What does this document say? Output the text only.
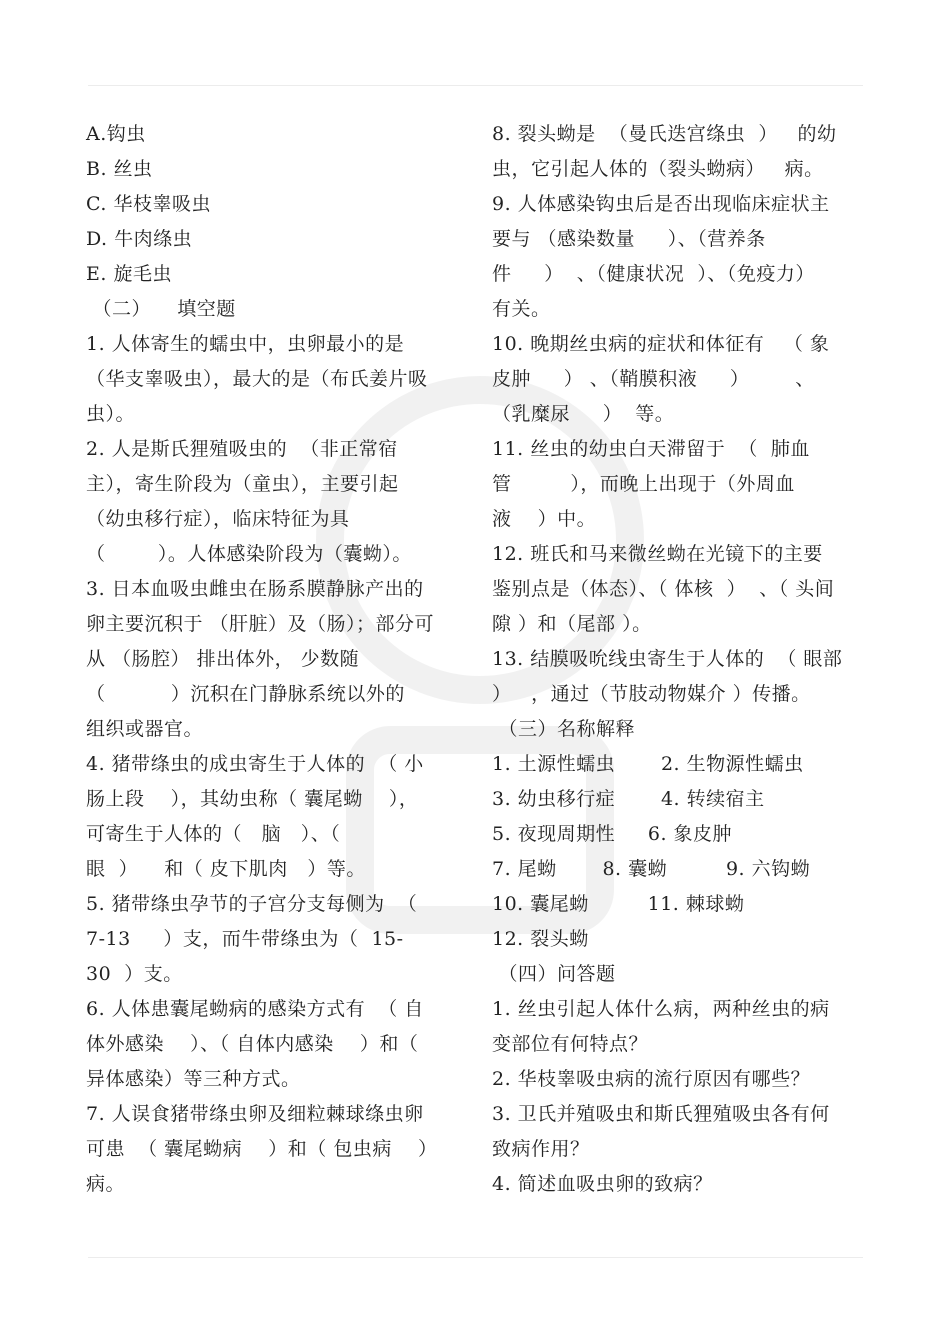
A.钩虫
B. 丝虫
C. 华枝睾吸虫
D. 牛肉绦虫
E. 旋毛虫
（二）    填空题
1. 人体寄生的蠕虫中，虫卵最小的是
（华支睾吸虫），最大的是（布氏姜片吸
虫）。
2. 人是斯氏狸殖吸虫的  （非正常宿
主），寄生阶段为（童虫），主要引起
（幼虫移行症），临床特征为具
（        ）。人体感染阶段为（囊蚴）。
3. 日本血吸虫雌虫在肠系膜静脉产出的
卵主要沉积于 （肝脏）及（肠）；部分可
从 （肠腔） 排出体外， 少数随
（          ）沉积在门静脉系统以外的
组织或器官。
4. 猪带绦虫的成虫寄生于人体的  （ 小
肠上段    ），其幼虫称（ 囊尾蚴    ），
可寄生于人体的（   脑   ）、（
眼  ）    和（ 皮下肌肉   ）等。
5. 猪带绦虫孕节的子宫分支每侧为  （
7-13     ）支，而牛带绦虫为（  15-
30  ）支。
6. 人体患囊尾蚴病的感染方式有  （ 自
体外感染    ）、（ 自体内感染    ）和（
异体感染）等三种方式。
7. 人误食猪带绦虫卵及细粒棘球绦虫卵
可患  （ 囊尾蚴病    ）和（ 包虫病    ）
病。
8. 裂头蚴是  （曼氏迭宫绦虫  ）   的幼
虫，它引起人体的（裂头蚴病）   病。
9. 人体感染钩虫后是否出现临床症状主
要与 （感染数量     ）、（营养条
件     ）  、（健康状况  ）、（免疫力）
有关。
10. 晚期丝虫病的症状和体征有   （ 象
皮肿     ） 、（鞘膜积液     ）       、
（乳糜尿     ）  等。
11. 丝虫的幼虫白天滞留于  （  肺血
管         ），而晚上出现于（外周血
液    ）中。
12. 班氏和马来微丝蚴在光镜下的主要
鉴别点是（体态）、（ 体核  ）  、（ 头间
隙 ）和（尾部 ）。
13. 结膜吸吮线虫寄生于人体的  （ 眼部
）   ，通过（节肢动物媒介 ）传播。
（三）名称解释
1. 土源性蠕虫       2. 生物源性蠕虫
3. 幼虫移行症       4. 转续宿主
5. 夜现周期性     6. 象皮肿
7. 尾蚴       8. 囊蚴         9. 六钩蚴
10. 囊尾蚴         11. 棘球蚴
12. 裂头蚴
（四）问答题
1. 丝虫引起人体什么病，两种丝虫的病
变部位有何特点？
2. 华枝睾吸虫病的流行原因有哪些？
3. 卫氏并殖吸虫和斯氏狸殖吸虫各有何
致病作用？
4. 简述血吸虫卵的致病？
